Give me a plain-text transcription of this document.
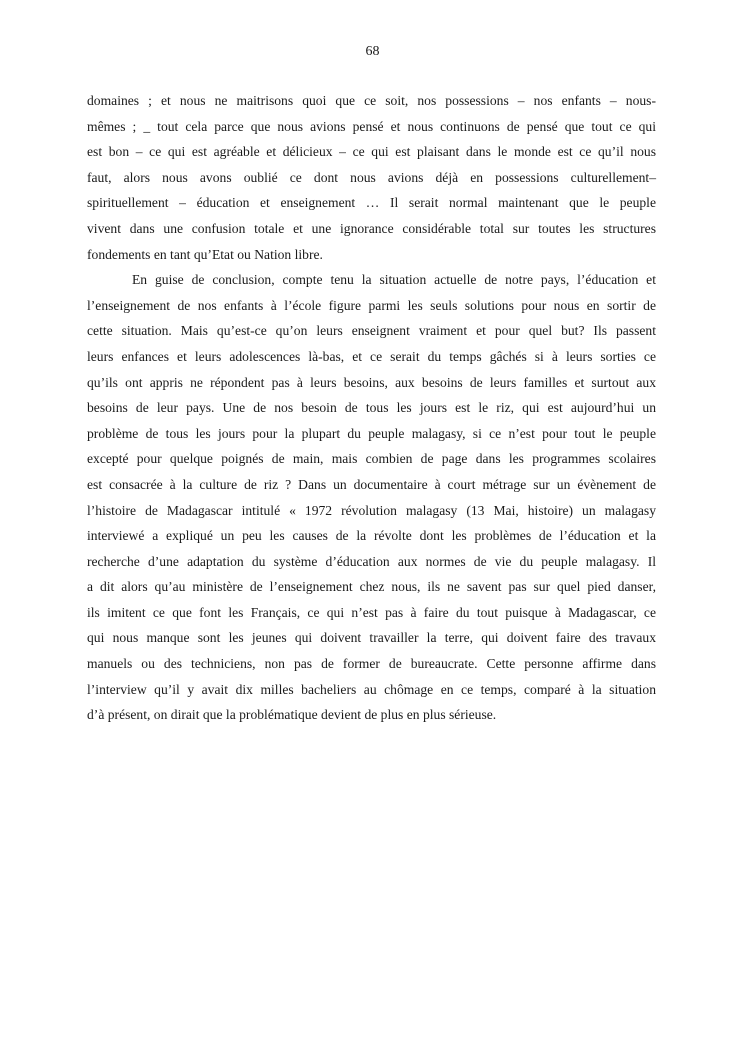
68

domaines ; et nous ne maitrisons quoi que ce soit, nos possessions – nos enfants – nous-
mêmes ; _ tout cela parce que nous avions pensé et nous continuons de pensé que tout ce qui
est bon – ce qui est agréable et délicieux – ce qui est plaisant dans le monde est ce qu’il nous
faut, alors nous avons oublié ce dont nous avions déjà en possessions culturellement–
spirituellement – éducation et enseignement … Il serait normal maintenant que le peuple
vivent dans une confusion totale et une ignorance considérable total sur toutes les structures
fondements en tant qu’Etat ou Nation libre.

En guise de conclusion, compte tenu la situation actuelle de notre pays, l’éducation et
l’enseignement de nos enfants à l’école figure parmi les seuls solutions pour nous en sortir de
cette situation. Mais qu’est-ce qu’on leurs enseignent vraiment et pour quel but? Ils passent
leurs enfances et leurs adolescences là-bas, et ce serait du temps gâchés si à leurs sorties ce
qu’ils ont appris ne répondent pas à leurs besoins, aux besoins de leurs familles et surtout aux
besoins de leur pays. Une de nos besoin de tous les jours est le riz, qui est aujourd’hui un
problème de tous les jours pour la plupart du peuple malagasy, si ce n’est pour tout le peuple
excepté pour quelque poignés de main, mais combien de page dans les programmes scolaires
est consacrée à la culture de riz ? Dans un documentaire à court métrage sur un évènement de
l’histoire de Madagascar intitulé « 1972 révolution malagasy (13 Mai, histoire) un malagasy
interviewé a expliqué un peu les causes de la révolte dont les problèmes de l’éducation et la
recherche d’une adaptation du système d’éducation aux normes de vie du peuple malagasy. Il
a dit alors qu’au ministère de l’enseignement chez nous, ils ne savent pas sur quel pied danser,
ils imitent ce que font les Français, ce qui n’est pas à faire du tout puisque à Madagascar, ce
qui nous manque sont les jeunes qui doivent travailler la terre, qui doivent faire des travaux
manuels ou des techniciens, non pas de former de bureaucrate. Cette personne affirme dans
l’interview qu’il y avait dix milles bacheliers au chômage en ce temps, comparé à la situation
d’à présent, on dirait que la problématique devient de plus en plus sérieuse.
